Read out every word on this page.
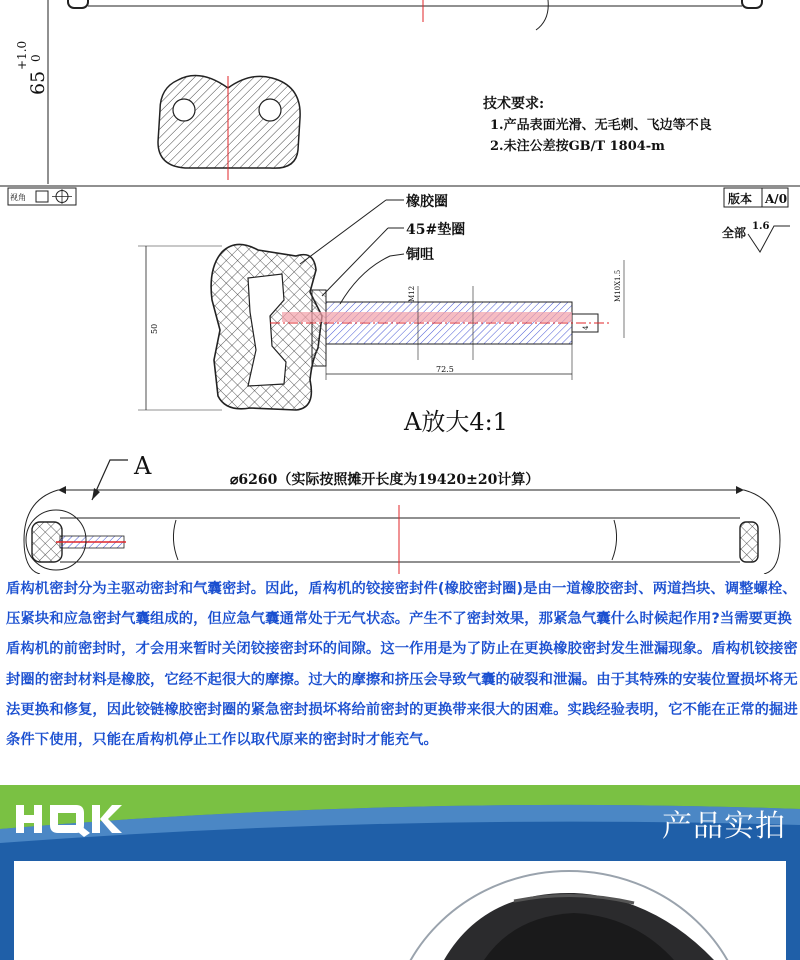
65
+1.0 0
技术要求:
1.产品表面光滑、无毛刺、飞边等不良
2.未注公差按GB/T 1804-m
视角	版本 A/0
全部 1.6
50
72.5
M12	M10X1.5
4
橡胶圈
45#垫圈
铜咀
A放大4:1
A	⌀6260（实际按照摊开长度为19420±20计算）
盾构机密封分为主驱动密封和气囊密封。因此，盾构机的铰接密封件(橡胶密封圈)是由一道橡胶密封、两道挡块、调整螺栓、压紧块和应急密封气囊组成的，但应急气囊通常处于无气状态。产生不了密封效果，那紧急气囊什么时候起作用?当需要更换盾构机的前密封时，才会用来暂时关闭铰接密封环的间隙。这一作用是为了防止在更换橡胶密封发生泄漏现象。盾构机铰接密封圈的密封材料是橡胶，它经不起很大的摩擦。过大的摩擦和挤压会导致气囊的破裂和泄漏。由于其特殊的安装位置损坏将无法更换和修复，因此铰链橡胶密封圈的紧急密封损坏将给前密封的更换带来很大的困难。实践经验表明，它不能在正常的掘进条件下使用，只能在盾构机停止工作以取代原来的密封时才能充气。
产品实拍
